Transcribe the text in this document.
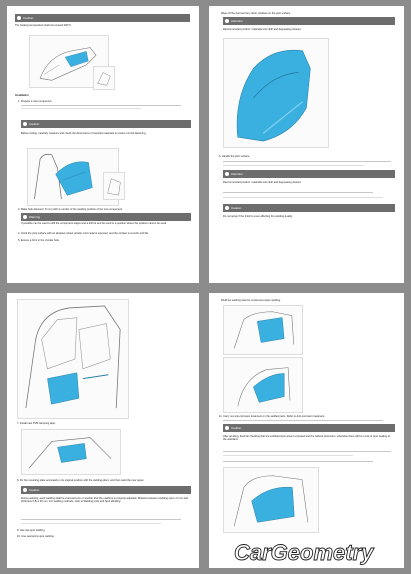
Caution
The heating temperature shall not exceed 230°C.
Installation
1. Prepare a new component.
Caution
Before cutting, carefully measure and check the dimensions of required materials to ensure normal fastening.
3. Make hole diameter: 8 mm) with a number of the welding position of the new component.
Warning
If possible can be used to drill the component edges and a drill bit and be used to a position where the position cannot be used.
4. Grind the joint surface with an abrasive wheel grinder until metal is exposed, and the surface is smooth and flat.
5. Ensure a form in the circular hole.
Wipe off the dust and any other residues on the joint surface.
Attention
Recommended product: materials tool cloth and degreasing cleaner.
6. Handle the joint surface.
Attention
Recommended product: materials tool cloth and degreasing cleaner.
Caution
Do not spray if the finish is even affecting the welding quality.
7. Install new PVB clamping tape.
8. Fix the mounting plate accurately in its original position with the welding pliers, and then weld the new panel.
Caution
During welding, each welding shall be executed one or another that the machine is properly adjusted. Distance between welding spot ≥ 6 mm and thickness 0.8+1.20 mm. For welding methods, refer to Welding tools and Spot Welding.
9. Use two-spot welding.
10. Use seal and a spot welding.
Weld the welding area for continuous seam welding.
11. Carry out anti-corrosion treatment on the welded parts. Refer to Anti-corrosion treatment.
Caution
After grinding, fixed air checking that the exhibited joint area is exposed and the without protection, otherwise there will be a risk of poor sealing of the standard.
CarGeometry
